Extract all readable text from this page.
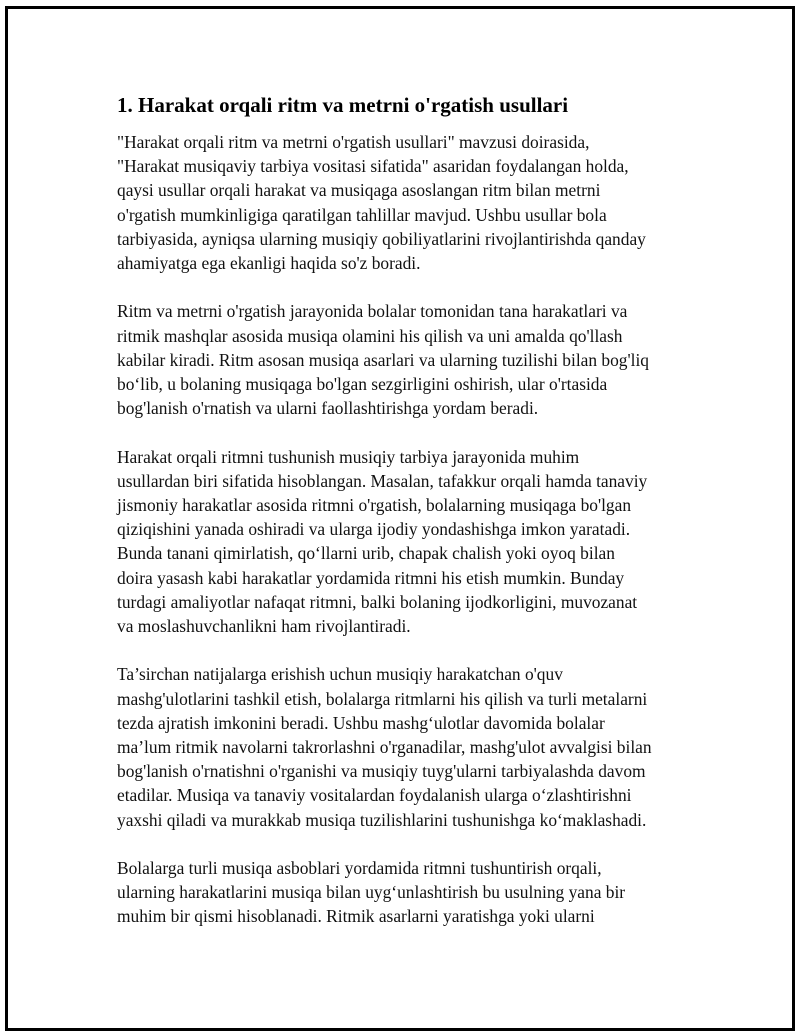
1. Harakat orqali ritm va metrni o'rgatish usullari

"Harakat orqali ritm va metrni o'rgatish usullari" mavzusi doirasida,
"Harakat musiqaviy tarbiya vositasi sifatida" asaridan foydalangan holda,
qaysi usullar orqali harakat va musiqaga asoslangan ritm bilan metrni
o'rgatish mumkinligiga qaratilgan tahlillar mavjud. Ushbu usullar bola
tarbiyasida, ayniqsa ularning musiqiy qobiliyatlarini rivojlantirishda qanday
ahamiyatga ega ekanligi haqida so'z boradi.

Ritm va metrni o'rgatish jarayonida bolalar tomonidan tana harakatlari va
ritmik mashqlar asosida musiqa olamini his qilish va uni amalda qo'llash
kabilar kiradi. Ritm asosan musiqa asarlari va ularning tuzilishi bilan bog'liq
bo‘lib, u bolaning musiqaga bo'lgan sezgirligini oshirish, ular o'rtasida
bog'lanish o'rnatish va ularni faollashtirishga yordam beradi.

Harakat orqali ritmni tushunish musiqiy tarbiya jarayonida muhim
usullardan biri sifatida hisoblangan. Masalan, tafakkur orqali hamda tanaviy
jismoniy harakatlar asosida ritmni o'rgatish, bolalarning musiqaga bo'lgan
qiziqishini yanada oshiradi va ularga ijodiy yondashishga imkon yaratadi.
Bunda tanani qimirlatish, qo‘llarni urib, chapak chalish yoki oyoq bilan
doira yasash kabi harakatlar yordamida ritmni his etish mumkin. Bunday
turdagi amaliyotlar nafaqat ritmni, balki bolaning ijodkorligini, muvozanat
va moslashuvchanlikni ham rivojlantiradi.

Ta’sirchan natijalarga erishish uchun musiqiy harakatchan o'quv
mashg'ulotlarini tashkil etish, bolalarga ritmlarni his qilish va turli metalarni
tezda ajratish imkonini beradi. Ushbu mashg‘ulotlar davomida bolalar
ma’lum ritmik navolarni takrorlashni o'rganadilar, mashg'ulot avvalgisi bilan
bog'lanish o'rnatishni o'rganishi va musiqiy tuyg'ularni tarbiyalashda davom
etadilar. Musiqa va tanaviy vositalardan foydalanish ularga o‘zlashtirishni
yaxshi qiladi va murakkab musiqa tuzilishlarini tushunishga ko‘maklashadi.

Bolalarga turli musiqa asboblari yordamida ritmni tushuntirish orqali,
ularning harakatlarini musiqa bilan uyg‘unlashtirish bu usulning yana bir
muhim bir qismi hisoblanadi. Ritmik asarlarni yaratishga yoki ularni
